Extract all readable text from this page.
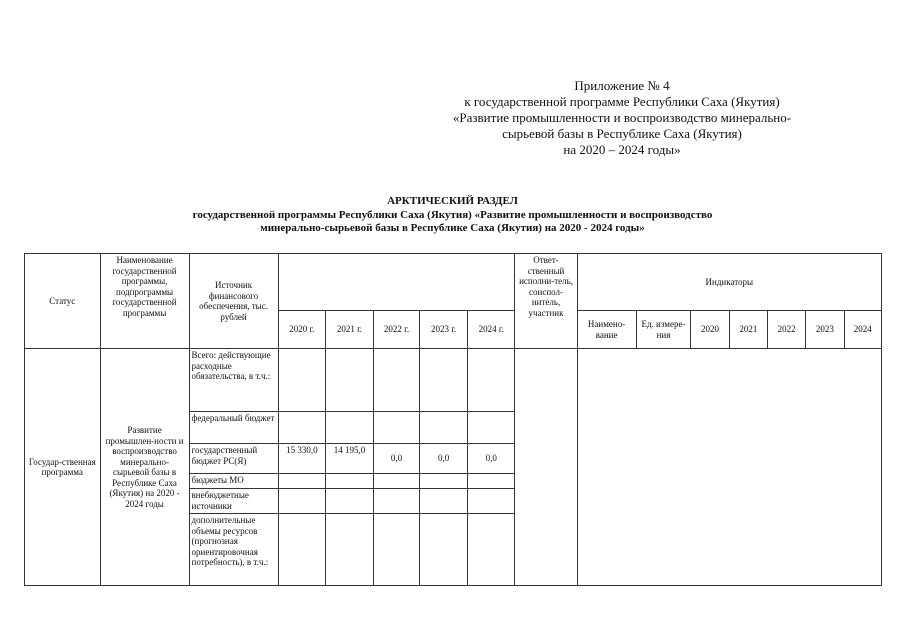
Приложение № 4
к государственной программе Республики Саха (Якутия)
«Развитие промышленности и воспроизводство минерально-
сырьевой базы в Республике Саха (Якутия)
на 2020 – 2024 годы»
АРКТИЧЕСКИЙ РАЗДЕЛ
государственной программы Республики Саха (Якутия) «Развитие промышленности и воспроизводство
минерально-сырьевой базы в Республике Саха (Якутия) на 2020 - 2024 годы»
Статус	Наименование государственной программы, подпрограммы государственной программы	Источник финансового обеспечения, тыс. рублей						Ответ-ственный исполни-тель, соиспол-нитель, участник	Индикаторы						
			2020 г.	2021 г.	2022 г.	2023 г.	2024 г.		Наимено-вание	Ед. измере-ния	2020	2021	2022	2023	2024
Государ-ственная программа	Развитие промышлен-ности и воспроизводство минерально-сырьевой базы в Республике Саха (Якутия) на 2020 - 2024 годы	Всего: действующие расходные обязательства, в т.ч.:													
		федеральный бюджет													
		государственный бюджет РС(Я)	15 330,0	14 195,0	0,0	0,0	0,0								
		бюджеты МО													
		внебюджетные источники													
		дополнительные объемы ресурсов (прогнозная ориентировочная потребность), в т.ч.:													
